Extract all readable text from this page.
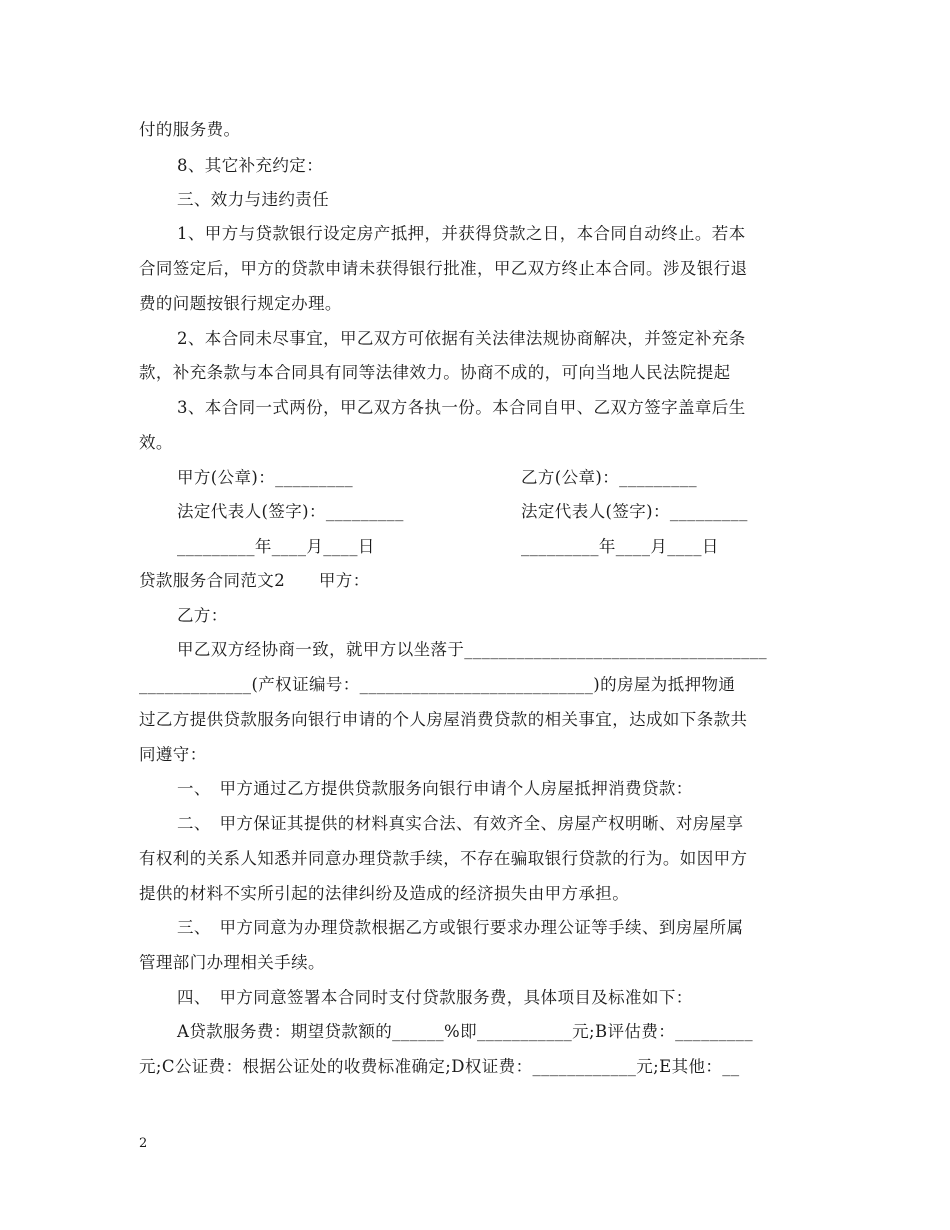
付的服务费。

8、其它补充约定：

三、效力与违约责任

1、甲方与贷款银行设定房产抵押，并获得贷款之日，本合同自动终止。若本

合同签定后，甲方的贷款申请未获得银行批准，甲乙双方终止本合同。涉及银行退

费的问题按银行规定办理。

2、本合同未尽事宜，甲乙双方可依据有关法律法规协商解决，并签定补充条

款，补充条款与本合同具有同等法律效力。协商不成的，可向当地人民法院提起

3、本合同一式两份，甲乙双方各执一份。本合同自甲、乙双方签字盖章后生

效。

甲方(公章)：_________	乙方(公章)：_________

法定代表人(签字)：_________	法定代表人(签字)：_________

_________年____月____日	_________年____月____日

贷款服务合同范文2　　甲方：

乙方：

甲乙双方经协商一致，就甲方以坐落于___________________________________

_____________(产权证编号：___________________________)的房屋为抵押物通

过乙方提供贷款服务向银行申请的个人房屋消费贷款的相关事宜，达成如下条款共

同遵守：

一、　甲方通过乙方提供贷款服务向银行申请个人房屋抵押消费贷款：

二、　甲方保证其提供的材料真实合法、有效齐全、房屋产权明晰、对房屋享

有权利的关系人知悉并同意办理贷款手续，不存在骗取银行贷款的行为。如因甲方

提供的材料不实所引起的法律纠纷及造成的经济损失由甲方承担。

三、　甲方同意为办理贷款根据乙方或银行要求办理公证等手续、到房屋所属

管理部门办理相关手续。

四、　甲方同意签署本合同时支付贷款服务费，具体项目及标准如下：

A贷款服务费：期望贷款额的______%即___________元;B评估费：_________

元;C公证费：根据公证处的收费标准确定;D权证费：____________元;E其他：__

2
